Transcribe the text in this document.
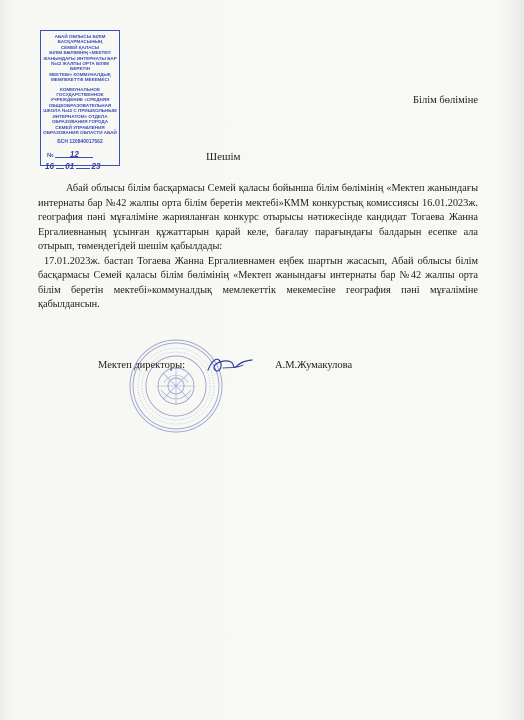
АБАЙ ОБЛЫСЫ БІЛІМ
БАСҚАРМАСЫНЫҢ
СЕМЕЙ ҚАЛАСЫ
БІЛІМ БӨЛІМІНІҢ «МЕКТЕП
ЖАНЫНДАҒЫ ИНТЕРНАТЫ БАР
№42 ЖАЛПЫ ОРТА БІЛІМ БЕРЕТІН
МЕКТЕБІ» КОММУНАЛДЫҚ
МЕМЛЕКЕТТІК МЕКЕМЕСІ
КОММУНАЛЬНОЕ
ГОСУДАРСТВЕННОЕ
УЧРЕЖДЕНИЕ «СРЕДНЯЯ
ОБЩЕОБРАЗОВАТЕЛЬНАЯ
ШКОЛА №42 С ПРИШКОЛЬНЫМ
ИНТЕРНАТОМ» ОТДЕЛА
ОБРАЗОВАНИЯ ГОРОДА
СЕМЕЙ УПРАВЛЕНИЯ
ОБРАЗОВАНИЯ ОБЛАСТИ АБАЙ
БСН 120840017562
№ 12
16 01 23
Білім бөліміне
Шешім

Абай облысы білім басқармасы Семей қаласы бойынша білім бөлімінің «Мектеп жанындағы интернаты бар №42 жалпы орта білім беретін мектебі»КММ конкурстық комиссиясы 16.01.2023ж. география пәні мұғаліміне жарияланған конкурс отырысы нәтижесінде кандидат Тогаева Жанна Ергалиевнаның ұсынған құжаттарын қарай келе, бағалау парағындағы балдарын есепке ала отырып, төмендегідей шешім қабылдады:

17.01.2023ж. бастап Тогаева Жанна Ергалиевнамен еңбек шартын жасасып, Абай облысы білім басқармасы Семей қаласы білім бөлімінің «Мектеп жанындағы интернаты бар №42 жалпы орта білім беретін мектебі»коммуналдық мемлекеттік мекемесіне география пәні мұғаліміне қабылдансын.

Мектеп директоры:	А.М.Жумакулова
